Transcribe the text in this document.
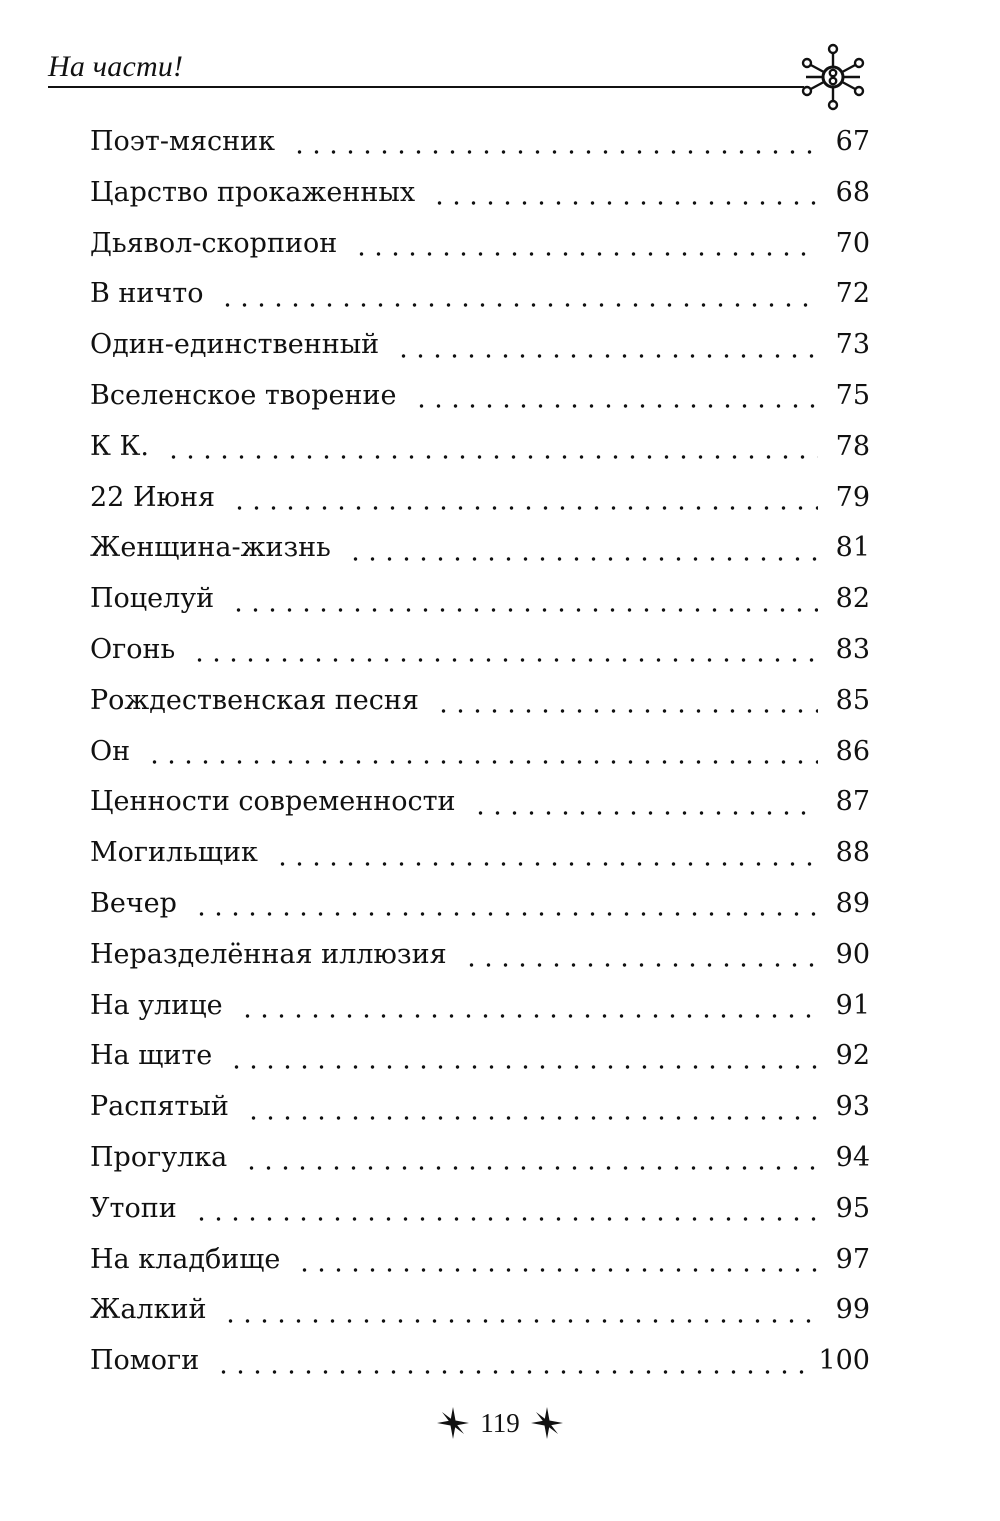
На части!
Поэт-мясник	67
Царство прокаженных	68
Дьявол-скорпион	70
В ничто	72
Один-единственный	73
Вселенское творение	75
К К.	78
22 Июня	79
Женщина-жизнь	81
Поцелуй	82
Огонь	83
Рождественская песня	85
Он	86
Ценности современности	87
Могильщик	88
Вечер	89
Неразделённая иллюзия	90
На улице	91
На щите	92
Распятый	93
Прогулка	94
Утопи	95
На кладбище	97
Жалкий	99
Помоги	100
119
